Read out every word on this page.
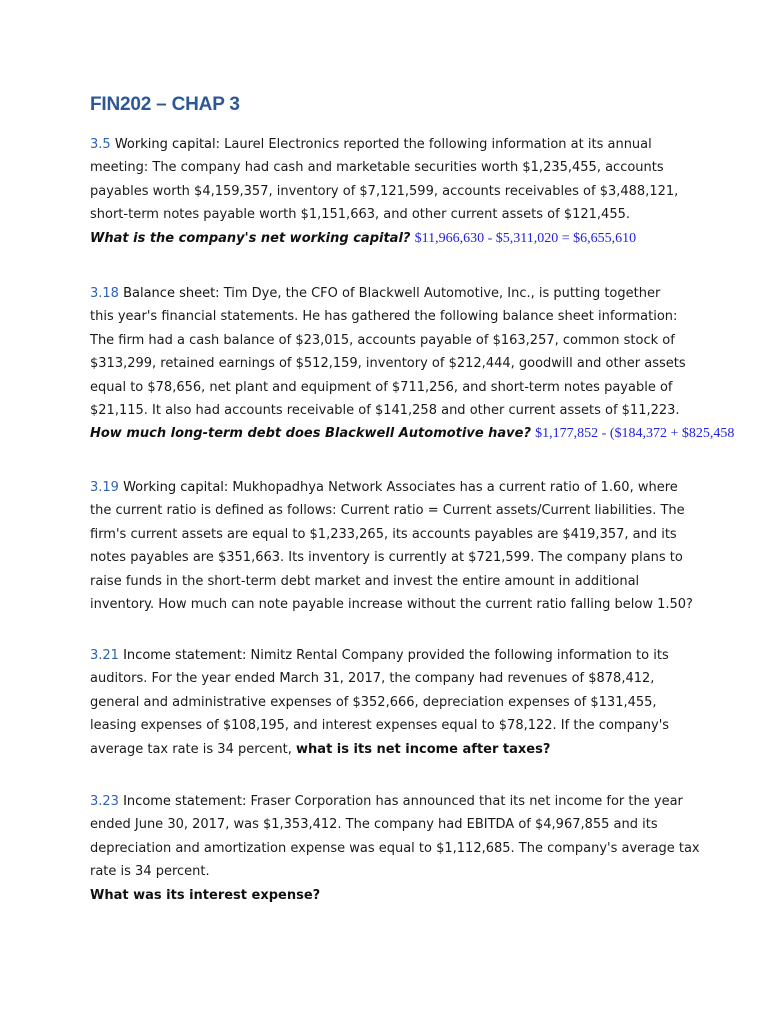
FIN202 – CHAP 3
3.5 Working capital: Laurel Electronics reported the following information at its annual
meeting: The company had cash and marketable securities worth $1,235,455, accounts
payables worth $4,159,357, inventory of $7,121,599, accounts receivables of $3,488,121,
short-term notes payable worth $1,151,663, and other current assets of $121,455.
What is the company's net working capital? $11,966,630 - $5,311,020 = $6,655,610
3.18 Balance sheet: Tim Dye, the CFO of Blackwell Automotive, Inc., is putting together
this year's financial statements. He has gathered the following balance sheet information:
The firm had a cash balance of $23,015, accounts payable of $163,257, common stock of
$313,299, retained earnings of $512,159, inventory of $212,444, goodwill and other assets
equal to $78,656, net plant and equipment of $711,256, and short-term notes payable of
$21,115. It also had accounts receivable of $141,258 and other current assets of $11,223.
How much long-term debt does Blackwell Automotive have? $1,177,852 - ($184,372 + $825,458
3.19 Working capital: Mukhopadhya Network Associates has a current ratio of 1.60, where
the current ratio is defined as follows: Current ratio = Current assets/Current liabilities. The
firm's current assets are equal to $1,233,265, its accounts payables are $419,357, and its
notes payables are $351,663. Its inventory is currently at $721,599. The company plans to
raise funds in the short-term debt market and invest the entire amount in additional
inventory. How much can note payable increase without the current ratio falling below 1.50?
3.21 Income statement: Nimitz Rental Company provided the following information to its
auditors. For the year ended March 31, 2017, the company had revenues of $878,412,
general and administrative expenses of $352,666, depreciation expenses of $131,455,
leasing expenses of $108,195, and interest expenses equal to $78,122. If the company's
average tax rate is 34 percent, what is its net income after taxes?
3.23 Income statement: Fraser Corporation has announced that its net income for the year
ended June 30, 2017, was $1,353,412. The company had EBITDA of $4,967,855 and its
depreciation and amortization expense was equal to $1,112,685. The company's average tax
rate is 34 percent.
What was its interest expense?
